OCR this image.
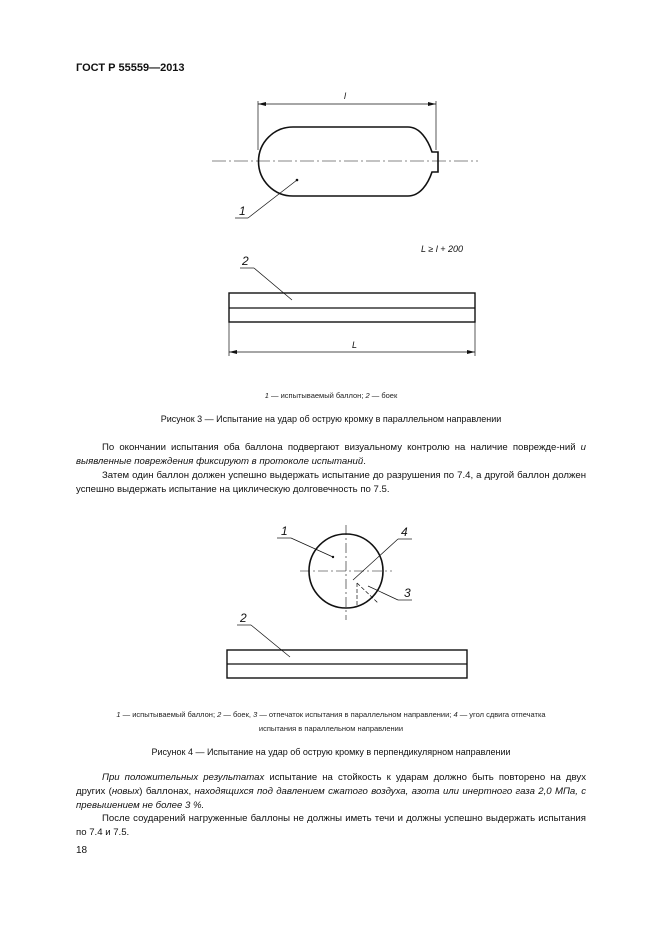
ГОСТ Р 55559—2013
l
1
L ≥ l + 200
2
L
1 — испытываемый баллон; 2 — боек
Рисунок 3 — Испытание на удар об острую кромку в параллельном направлении
По окончании испытания оба баллона подвергают визуальному контролю на наличие поврежде-ний и выявленные повреждения фиксируют в протоколе испытаний.
Затем один баллон должен успешно выдержать испытание до разрушения по 7.4, а другой баллон должен успешно выдержать испытание на циклическую долговечность по 7.5.
1	4
3
2
1 — испытываемый баллон; 2 — боек, 3 — отпечаток испытания в параллельном направлении; 4 — угол сдвига отпечатка
испытания в параллельном направлении
Рисунок 4 — Испытание на удар об острую кромку в перпендикулярном направлении
При положительных результатах испытание на стойкость к ударам должно быть повторено на двух других (новых) баллонах, находящихся под давлением сжатого воздуха, азота или инертного газа 2,0 МПа, с превышением не более 3 %.
После соударений нагруженные баллоны не должны иметь течи и должны успешно выдержать испытания по 7.4 и 7.5.
18
